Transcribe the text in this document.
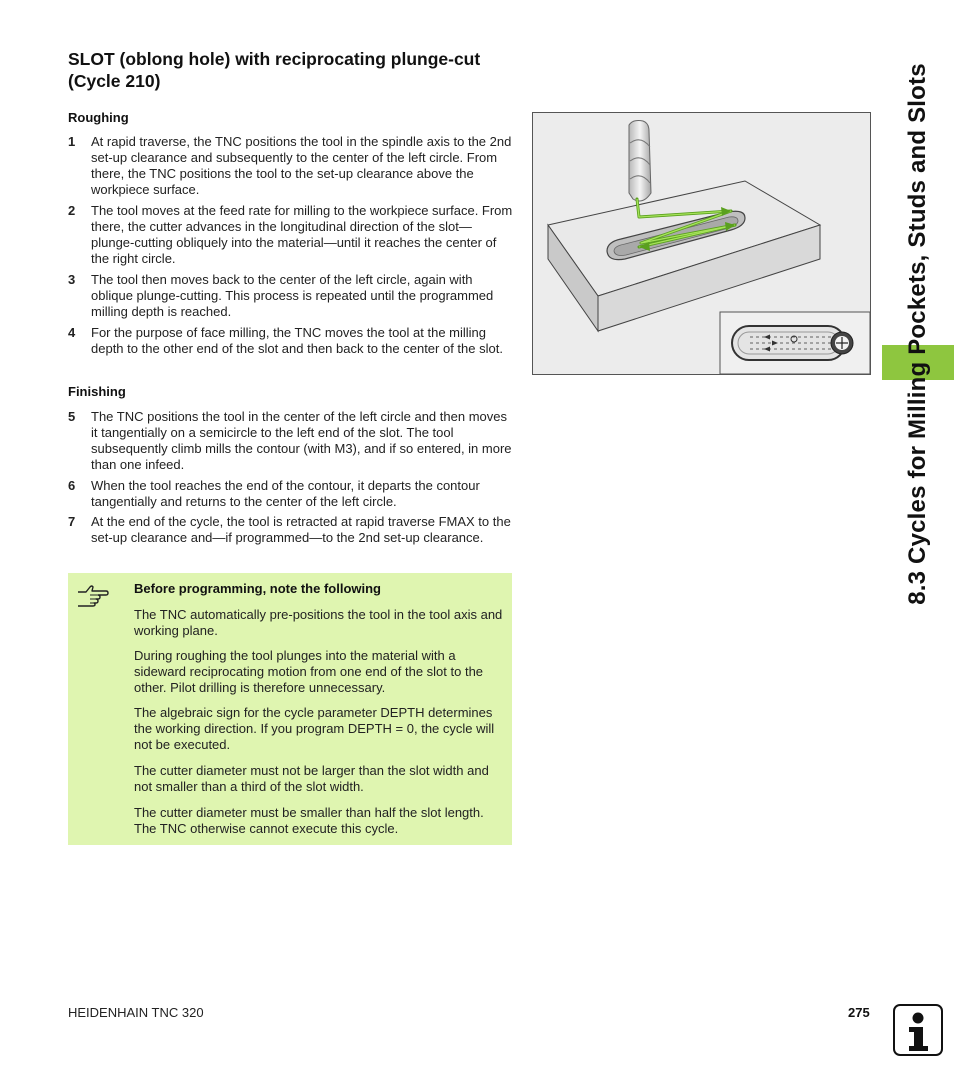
SLOT (oblong hole) with reciprocating plunge-cut (Cycle 210)
Roughing
1	At rapid traverse, the TNC positions the tool in the spindle axis to the 2nd set-up clearance and subsequently to the center of the left circle. From there, the TNC positions the tool to the set-up clearance above the workpiece surface.
2	The tool moves at the feed rate for milling to the workpiece surface. From there, the cutter advances in the longitudinal direction of the slot—plunge-cutting obliquely into the material—until it reaches the center of the right circle.
3	The tool then moves back to the center of the left circle, again with oblique plunge-cutting. This process is repeated until the programmed milling depth is reached.
4	For the purpose of face milling, the TNC moves the tool at the milling depth to the other end of the slot and then back to the center of the slot.
Finishing
5	The TNC positions the tool in the center of the left circle and then moves it tangentially on a semicircle to the left end of the slot. The tool subsequently climb mills the contour (with M3), and if so entered, in more than one infeed.
6	When the tool reaches the end of the contour, it departs the contour tangentially and returns to the center of the left circle.
7	At the end of the cycle, the tool is retracted at rapid traverse FMAX to the set-up clearance and—if programmed—to the 2nd set-up clearance.
Before programming, note the following
The TNC automatically pre-positions the tool in the tool axis and working plane.
During roughing the tool plunges into the material with a sideward reciprocating motion from one end of the slot to the other. Pilot drilling is therefore unnecessary.
The algebraic sign for the cycle parameter DEPTH determines the working direction. If you program DEPTH = 0, the cycle will not be executed.
The cutter diameter must not be larger than the slot width and not smaller than a third of the slot width.
The cutter diameter must be smaller than half the slot length. The TNC otherwise cannot execute this cycle.
8.3 Cycles for Milling Pockets, Studs and Slots
HEIDENHAIN TNC 320	275
